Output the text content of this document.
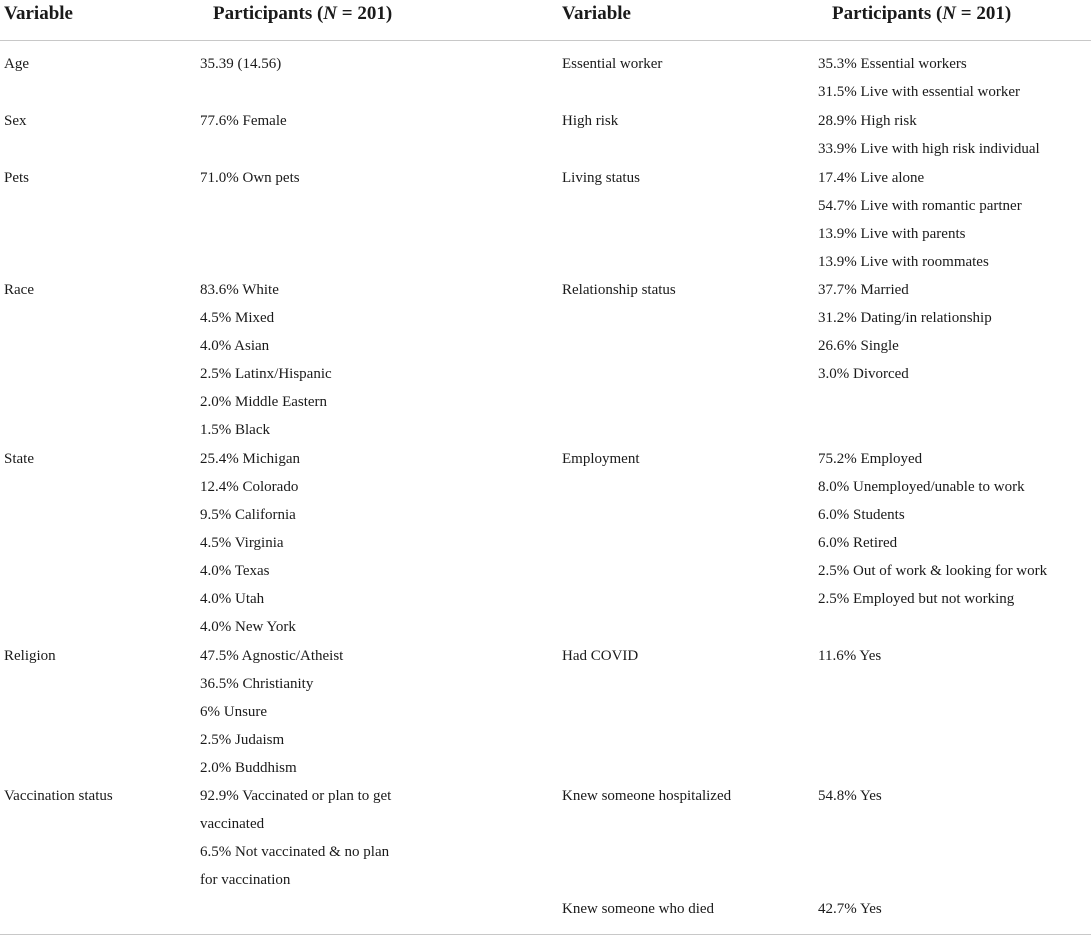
Variable	Participants (N = 201)	Variable	Participants (N = 201)
Age	35.39 (14.56)
Sex	77.6% Female
Pets	71.0% Own pets
Race	83.6% White
4.5% Mixed
4.0% Asian
2.5% Latinx/Hispanic
2.0% Middle Eastern
1.5% Black
State	25.4% Michigan
12.4% Colorado
9.5% California
4.5% Virginia
4.0% Texas
4.0% Utah
4.0% New York
Religion	47.5% Agnostic/Atheist
36.5% Christianity
6% Unsure
2.5% Judaism
2.0% Buddhism
Vaccination status	92.9% Vaccinated or plan to get
vaccinated
6.5% Not vaccinated & no plan
for vaccination
Essential worker	35.3% Essential workers
31.5% Live with essential worker
High risk	28.9% High risk
33.9% Live with high risk individual
Living status	17.4% Live alone
54.7% Live with romantic partner
13.9% Live with parents
13.9% Live with roommates
Relationship status	37.7% Married
31.2% Dating/in relationship
26.6% Single
3.0% Divorced
Employment	75.2% Employed
8.0% Unemployed/unable to work
6.0% Students
6.0% Retired
2.5% Out of work & looking for work
2.5% Employed but not working
Had COVID	11.6% Yes
Knew someone hospitalized	54.8% Yes
Knew someone who died	42.7% Yes
